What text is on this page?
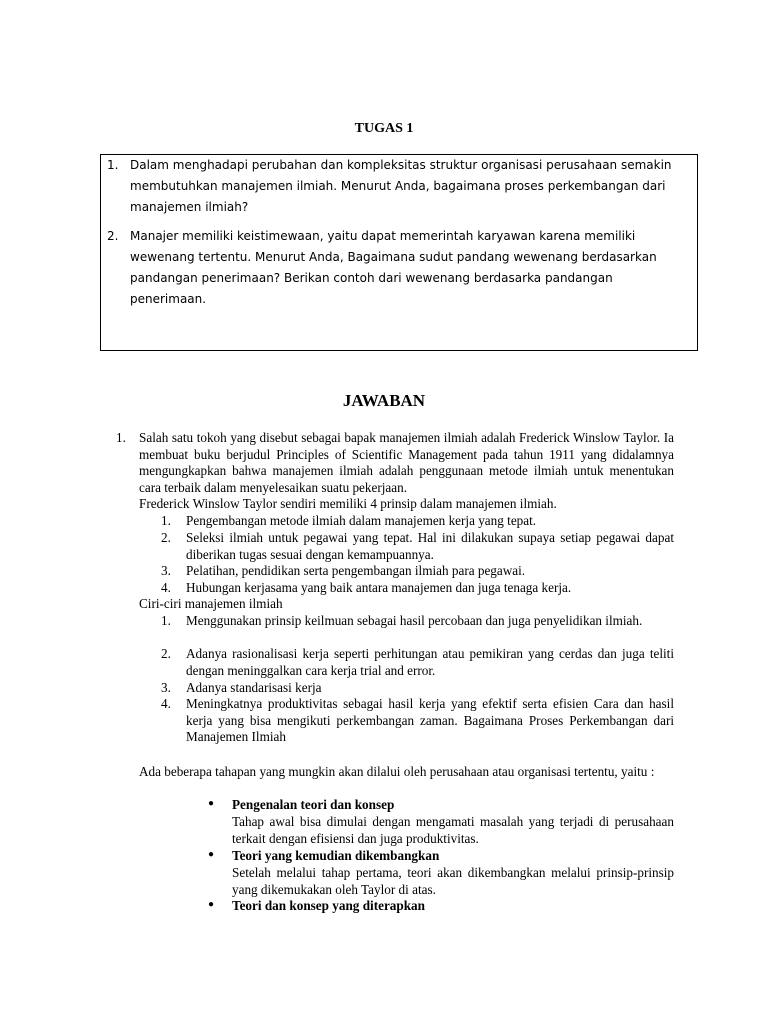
TUGAS 1
1. Dalam menghadapi perubahan dan kompleksitas struktur organisasi perusahaan semakin membutuhkan manajemen ilmiah. Menurut Anda, bagaimana proses perkembangan dari manajemen ilmiah?
2. Manajer memiliki keistimewaan, yaitu dapat memerintah karyawan karena memiliki wewenang tertentu. Menurut Anda, Bagaimana sudut pandang wewenang berdasarkan pandangan penerimaan? Berikan contoh dari wewenang berdasarka pandangan penerimaan.
JAWABAN
1. Salah satu tokoh yang disebut sebagai bapak manajemen ilmiah adalah Frederick Winslow Taylor. Ia membuat buku berjudul Principles of Scientific Management pada tahun 1911 yang didalamnya mengungkapkan bahwa manajemen ilmiah adalah penggunaan metode ilmiah untuk menentukan cara terbaik dalam menyelesaikan suatu pekerjaan.
Frederick Winslow Taylor sendiri memiliki 4 prinsip dalam manajemen ilmiah.
1. Pengembangan metode ilmiah dalam manajemen kerja yang tepat.
2. Seleksi ilmiah untuk pegawai yang tepat. Hal ini dilakukan supaya setiap pegawai dapat diberikan tugas sesuai dengan kemampuannya.
3. Pelatihan, pendidikan serta pengembangan ilmiah para pegawai.
4. Hubungan kerjasama yang baik antara manajemen dan juga tenaga kerja.
Ciri-ciri manajemen ilmiah
1. Menggunakan prinsip keilmuan sebagai hasil percobaan dan juga penyelidikan ilmiah.
2. Adanya rasionalisasi kerja seperti perhitungan atau pemikiran yang cerdas dan juga teliti dengan meninggalkan cara kerja trial and error.
3. Adanya standarisasi kerja
4. Meningkatnya produktivitas sebagai hasil kerja yang efektif serta efisien Cara dan hasil kerja yang bisa mengikuti perkembangan zaman. Bagaimana Proses Perkembangan dari Manajemen Ilmiah
Ada beberapa tahapan yang mungkin akan dilalui oleh perusahaan atau organisasi tertentu, yaitu :
● Pengenalan teori dan konsep
Tahap awal bisa dimulai dengan mengamati masalah yang terjadi di perusahaan terkait dengan efisiensi dan juga produktivitas.
● Teori yang kemudian dikembangkan
Setelah melalui tahap pertama, teori akan dikembangkan melalui prinsip-prinsip yang dikemukakan oleh Taylor di atas.
● Teori dan konsep yang diterapkan
